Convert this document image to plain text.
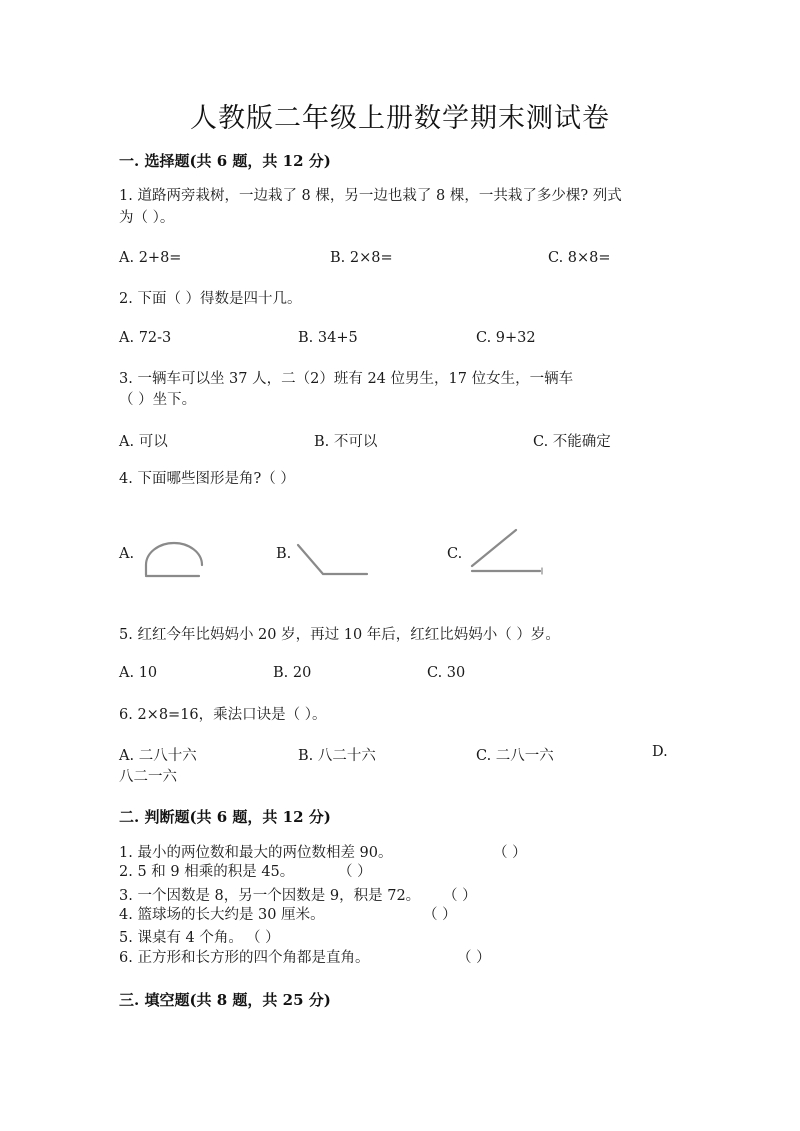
人教版二年级上册数学期末测试卷
一. 选择题(共 6 题，共 12 分)
1. 道路两旁栽树，一边栽了 8 棵，另一边也栽了 8 棵，一共栽了多少棵? 列式
为（ ）。
A. 2+8=	B. 2×8=	C. 8×8=
2. 下面（ ）得数是四十几。
A. 72-3	B. 34+5	C. 9+32
3. 一辆车可以坐 37 人，二（2）班有 24 位男生，17 位女生，一辆车
（ ）坐下。
A. 可以	B. 不可以	C. 不能确定
4. 下面哪些图形是角?（ ）
A.	B.	C.
5. 红红今年比妈妈小 20 岁，再过 10 年后，红红比妈妈小（ ）岁。
A. 10	B. 20	C. 30
6. 2×8=16，乘法口诀是（ ）。
A. 二八十六	B. 八二十六	C. 二八一六	D.
八二一六
二. 判断题(共 6 题，共 12 分)
1. 最小的两位数和最大的两位数相差 90。	（ ）
2. 5 和 9 相乘的积是 45。	（ ）
3. 一个因数是 8，另一个因数是 9，积是 72。 （ ）
4. 篮球场的长大约是 30 厘米。	（ ）
5. 课桌有 4 个角。 （ ）
6. 正方形和长方形的四个角都是直角。	（ ）
三. 填空题(共 8 题，共 25 分)
